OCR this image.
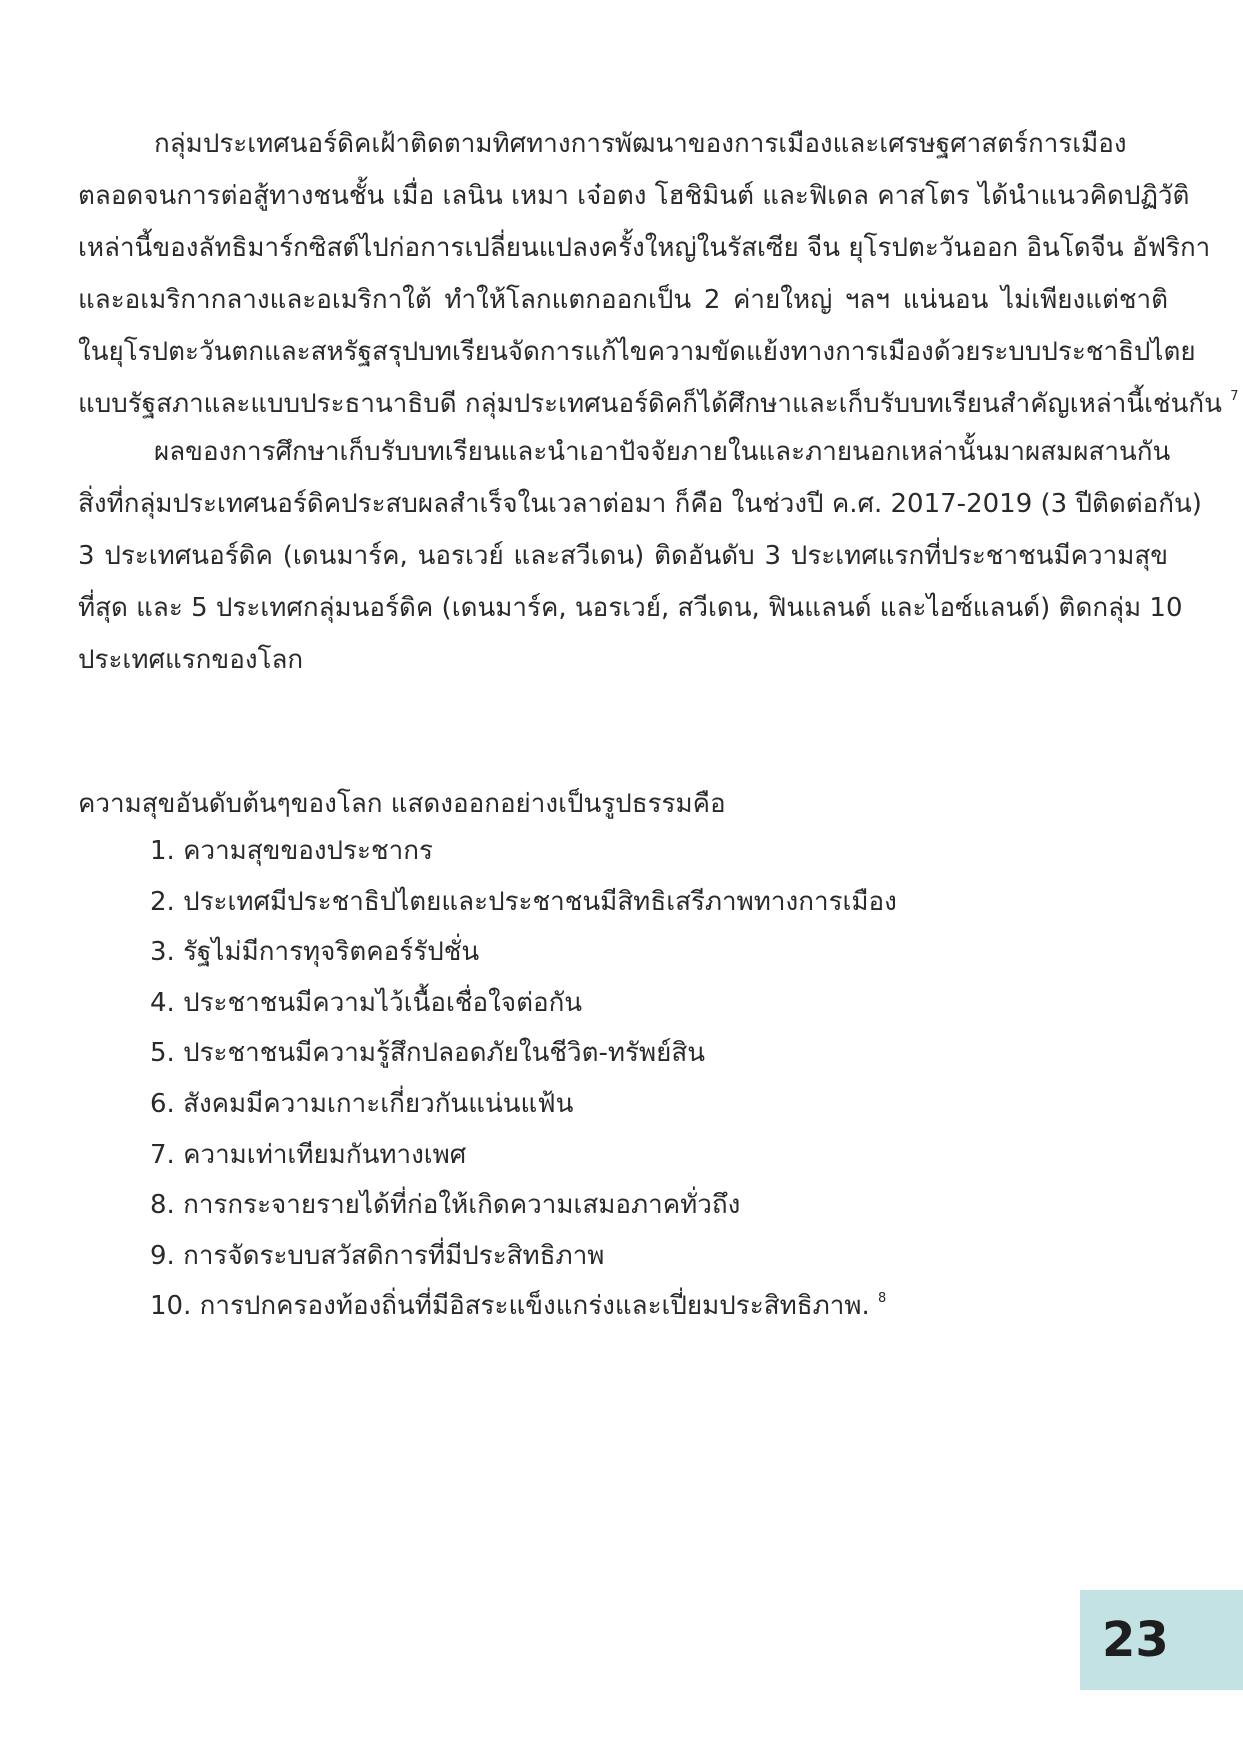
กลุ่มประเทศนอร์ดิคเฝ้าติดตามทิศทางการพัฒนาของการเมืองและเศรษฐศาสตร์การเมือง
ตลอดจนการต่อสู้ทางชนชั้น เมื่อ เลนิน เหมา เจ๋อตง โฮชิมินต์ และฟิเดล คาสโตร ได้นำแนวคิดปฏิวัติ
เหล่านี้ของลัทธิมาร์กซิสต์ไปก่อการเปลี่ยนแปลงครั้งใหญ่ในรัสเซีย จีน ยุโรปตะวันออก อินโดจีน อัฟริกา
และอเมริกากลางและอเมริกาใต้ ทำให้โลกแตกออกเป็น 2 ค่ายใหญ่ ฯลฯ แน่นอน ไม่เพียงแต่ชาติ
ในยุโรปตะวันตกและสหรัฐสรุปบทเรียนจัดการแก้ไขความขัดแย้งทางการเมืองด้วยระบบประชาธิปไตย
แบบรัฐสภาและแบบประธานาธิบดี กลุ่มประเทศนอร์ดิคก็ได้ศึกษาและเก็บรับบทเรียนสำคัญเหล่านี้เช่นกัน $^7$

ผลของการศึกษาเก็บรับบทเรียนและนำเอาปัจจัยภายในและภายนอกเหล่านั้นมาผสมผสานกัน
สิ่งที่กลุ่มประเทศนอร์ดิคประสบผลสำเร็จในเวลาต่อมา ก็คือ ในช่วงปี ค.ศ. 2017-2019 (3 ปีติดต่อกัน)
3 ประเทศนอร์ดิค (เดนมาร์ค, นอรเวย์ และสวีเดน) ติดอันดับ 3 ประเทศแรกที่ประชาชนมีความสุข
ที่สุด และ 5 ประเทศกลุ่มนอร์ดิค (เดนมาร์ค, นอรเวย์, สวีเดน, ฟินแลนด์ และไอซ์แลนด์) ติดกลุ่ม 10
ประเทศแรกของโลก

ความสุขอันดับต้นๆของโลก แสดงออกอย่างเป็นรูปธรรมคือ

1. ความสุขของประชากร
2. ประเทศมีประชาธิปไตยและประชาชนมีสิทธิเสรีภาพทางการเมือง
3. รัฐไม่มีการทุจริตคอร์รัปชั่น
4. ประชาชนมีความไว้เนื้อเชื่อใจต่อกัน
5. ประชาชนมีความรู้สึกปลอดภัยในชีวิต-ทรัพย์สิน
6. สังคมมีความเกาะเกี่ยวกันแน่นแฟ้น
7. ความเท่าเทียมกันทางเพศ
8. การกระจายรายได้ที่ก่อให้เกิดความเสมอภาคทั่วถึง
9. การจัดระบบสวัสดิการที่มีประสิทธิภาพ
10. การปกครองท้องถิ่นที่มีอิสระแข็งแกร่งและเปี่ยมประสิทธิภาพ. $^8$
23
